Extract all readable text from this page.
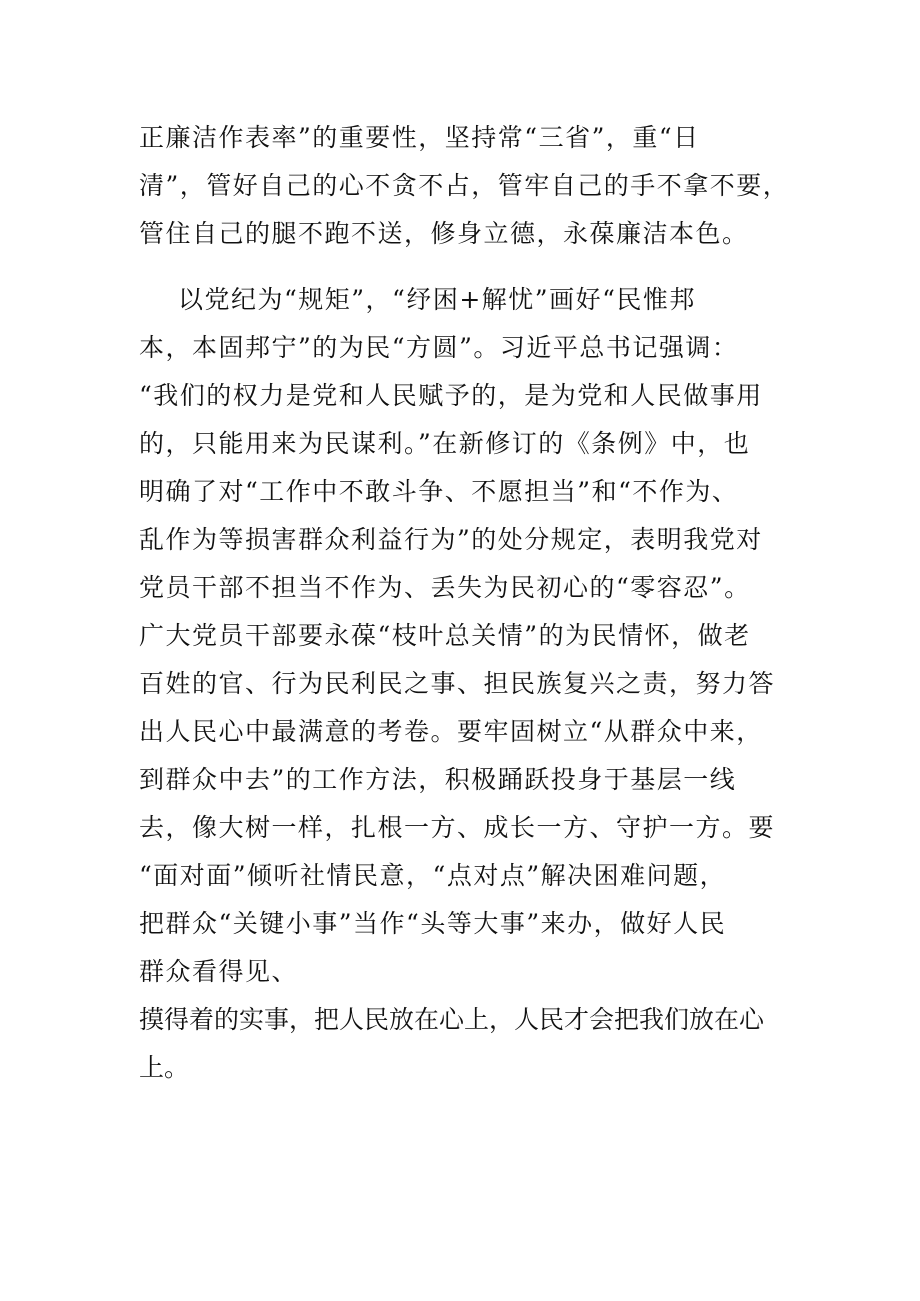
正廉洁作表率”的重要性，坚持常“三省”，重“日
清”，管好自己的心不贪不占，管牢自己的手不拿不要，
管住自己的腿不跑不送，修身立德，永葆廉洁本色。
以党纪为“规矩”，“纾困+解忧”画好“民惟邦
本，本固邦宁”的为民“方圆”。习近平总书记强调：
“我们的权力是党和人民赋予的，是为党和人民做事用
的，只能用来为民谋利。”在新修订的《条例》中，也
明确了对“工作中不敢斗争、不愿担当”和“不作为、
乱作为等损害群众利益行为”的处分规定，表明我党对
党员干部不担当不作为、丢失为民初心的“零容忍”。
广大党员干部要永葆“枝叶总关情”的为民情怀，做老
百姓的官、行为民利民之事、担民族复兴之责，努力答
出人民心中最满意的考卷。要牢固树立“从群众中来，
到群众中去”的工作方法，积极踊跃投身于基层一线
去，像大树一样，扎根一方、成长一方、守护一方。要
“面对面”倾听社情民意，“点对点”解决困难问题，
把群众“关键小事”当作“头等大事”来办，做好人民
群众看得见、
摸得着的实事，把人民放在心上，人民才会把我们放在心
上。
